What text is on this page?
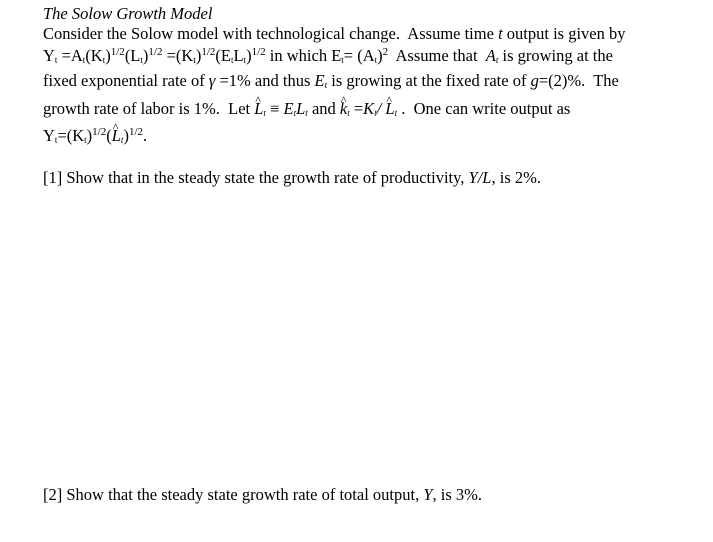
The Solow Growth Model

Consider the Solow model with technological change.  Assume time t output is given by

$Y_t =A_t(K_t)^{1/2}(L_t)^{1/2} =(K_t)^{1/2}(E_tL_t)^{1/2}$ in which $E_t= (A_t)^2$  Assume that  $A_t$ is growing at the

fixed exponential rate of γ =1% and thus $E_t$ is growing at the fixed rate of g=(2)%.  The

growth rate of labor is 1%.  Let ^ $L_t \equiv E_tL_t$ and ^ $k_t =K_t/$ ^ $L_t$ .  One can write output as

$Y_t=(K_t)^{1/2}(\^{}$ $L_t)^{1/2}$.

[1] Show that in the steady state the growth rate of productivity, Y/L, is 2%.

[2] Show that the steady state growth rate of total output, Y, is 3%.
